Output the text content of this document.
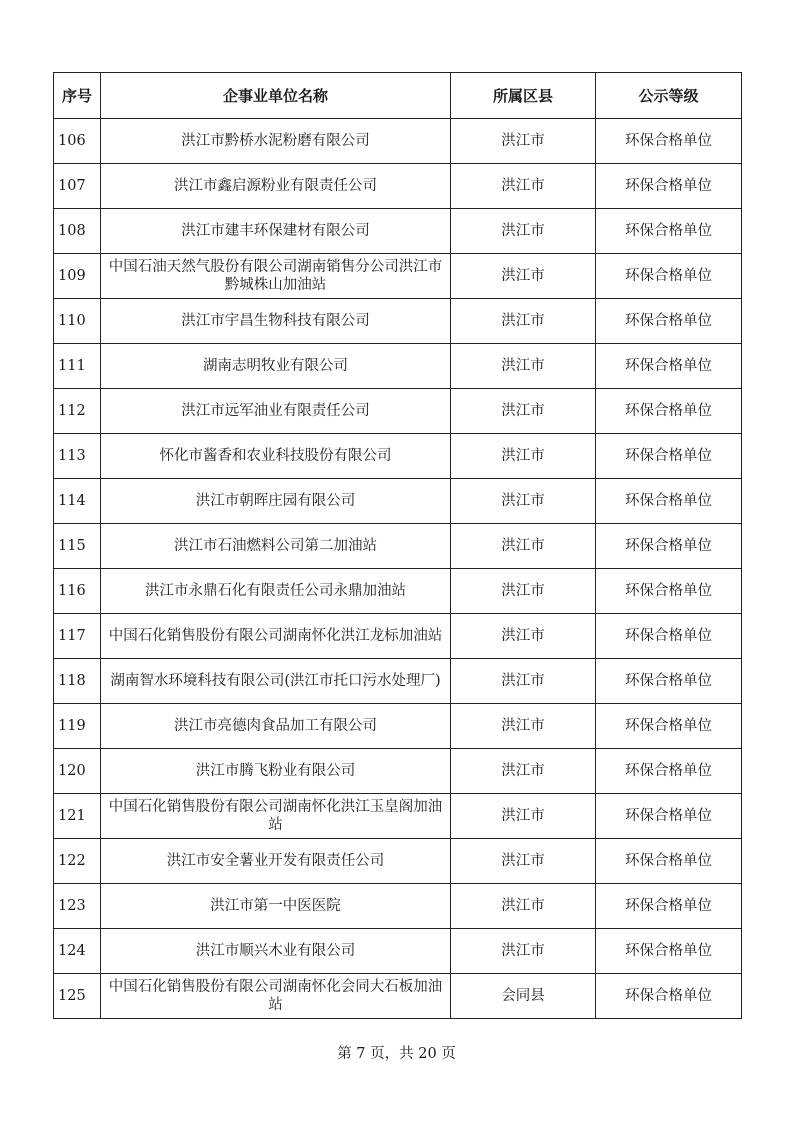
序号	企事业单位名称	所属区县	公示等级
106	洪江市黔桥水泥粉磨有限公司	洪江市	环保合格单位
107	洪江市鑫启源粉业有限责任公司	洪江市	环保合格单位
108	洪江市建丰环保建材有限公司	洪江市	环保合格单位
109	中国石油天然气股份有限公司湖南销售分公司洪江市黔城株山加油站	洪江市	环保合格单位
110	洪江市宇昌生物科技有限公司	洪江市	环保合格单位
111	湖南志明牧业有限公司	洪江市	环保合格单位
112	洪江市远军油业有限责任公司	洪江市	环保合格单位
113	怀化市酱香和农业科技股份有限公司	洪江市	环保合格单位
114	洪江市朝晖庄园有限公司	洪江市	环保合格单位
115	洪江市石油燃料公司第二加油站	洪江市	环保合格单位
116	洪江市永鼎石化有限责任公司永鼎加油站	洪江市	环保合格单位
117	中国石化销售股份有限公司湖南怀化洪江龙标加油站	洪江市	环保合格单位
118	湖南智水环境科技有限公司(洪江市托口污水处理厂)	洪江市	环保合格单位
119	洪江市亮德肉食品加工有限公司	洪江市	环保合格单位
120	洪江市腾飞粉业有限公司	洪江市	环保合格单位
121	中国石化销售股份有限公司湖南怀化洪江玉皇阁加油站	洪江市	环保合格单位
122	洪江市安全薯业开发有限责任公司	洪江市	环保合格单位
123	洪江市第一中医医院	洪江市	环保合格单位
124	洪江市顺兴木业有限公司	洪江市	环保合格单位
125	中国石化销售股份有限公司湖南怀化会同大石板加油站	会同县	环保合格单位
第 7 页，共 20 页
